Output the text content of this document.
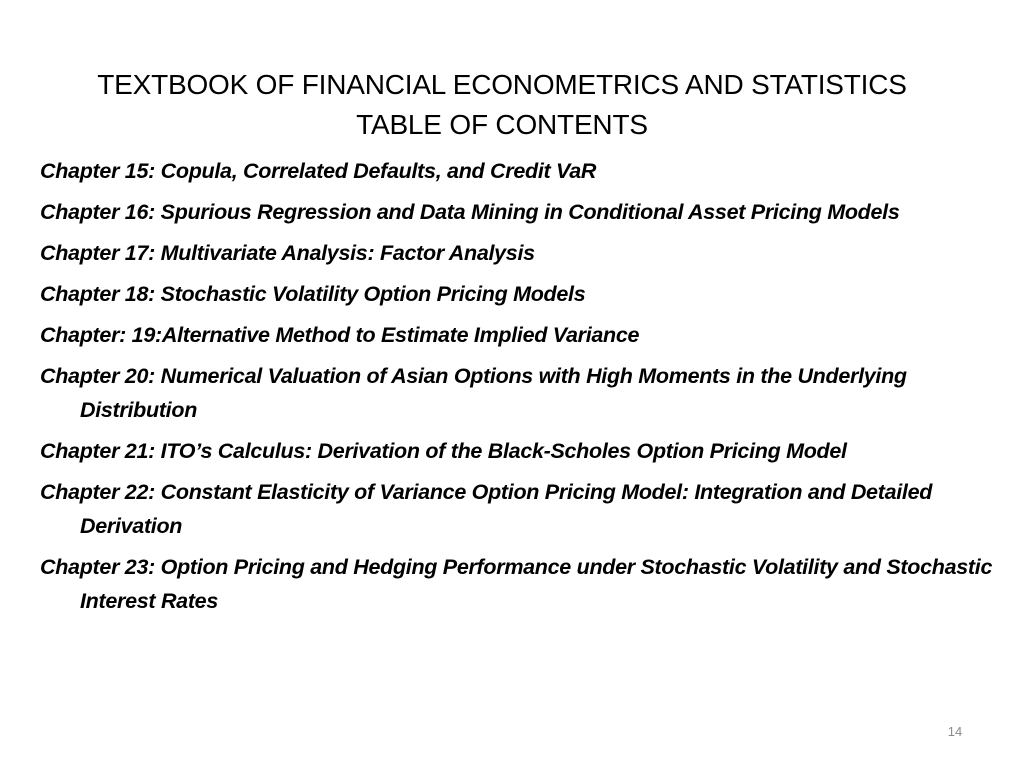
TEXTBOOK OF FINANCIAL ECONOMETRICS AND STATISTICS
TABLE OF CONTENTS
Chapter 15: Copula, Correlated Defaults, and Credit VaR
Chapter 16: Spurious Regression and Data Mining in Conditional Asset Pricing Models
Chapter 17: Multivariate Analysis: Factor Analysis
Chapter 18: Stochastic Volatility Option Pricing Models
Chapter: 19:Alternative Method to Estimate Implied Variance
Chapter 20: Numerical Valuation of Asian Options with High Moments in the Underlying Distribution
Chapter 21: ITO’s Calculus: Derivation of the Black-Scholes Option Pricing Model
Chapter 22: Constant Elasticity of Variance Option Pricing Model: Integration and Detailed Derivation
Chapter 23: Option Pricing and Hedging Performance under Stochastic Volatility and Stochastic Interest Rates
14
